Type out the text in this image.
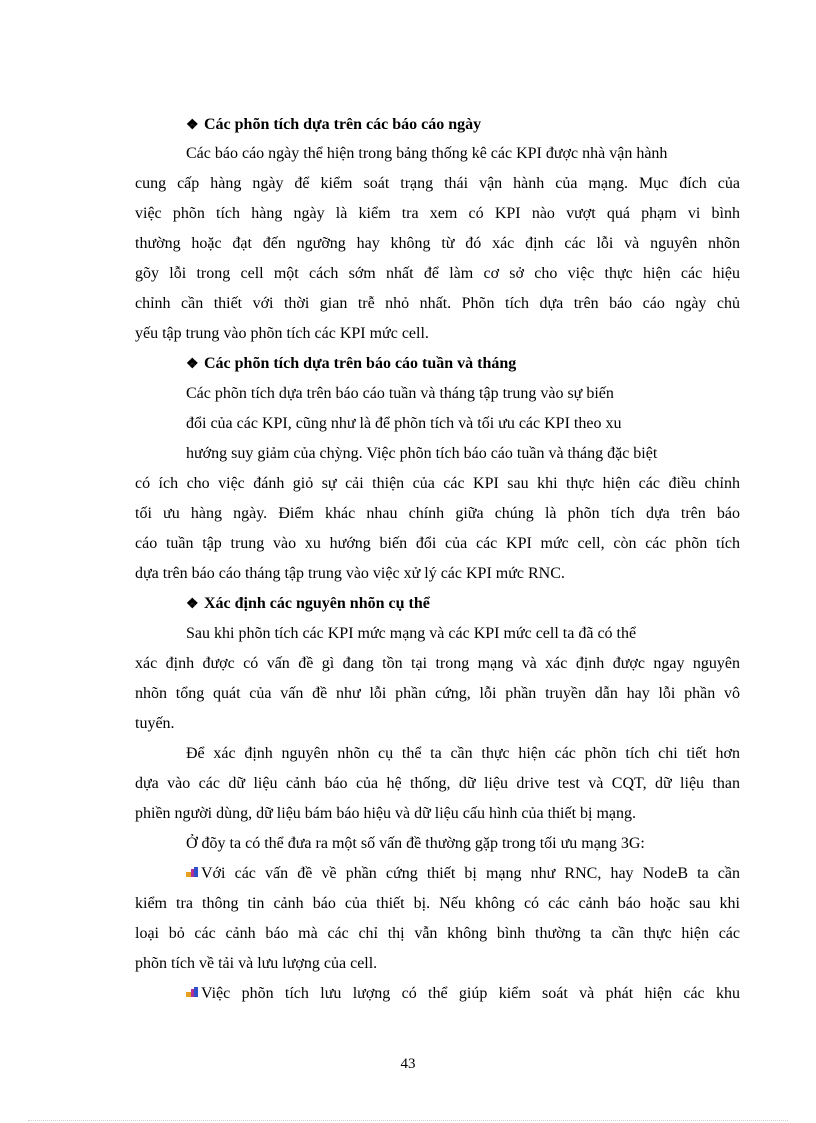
❖ Các phõn tích dựa trên các báo cáo ngày
Các báo cáo ngày thể hiện trong bảng thống kê các KPI được nhà vận hành
cung cấp hàng ngày để kiểm soát trạng thái vận hành của mạng. Mục đích của
việc phõn tích hàng ngày là kiểm tra xem có KPI nào vượt quá phạm vi bình
thường hoặc đạt đến ngưỡng hay không từ đó xác định các lỗi và nguyên nhõn
gõy lỗi trong cell một cách sớm nhất để làm cơ sở cho việc thực hiện các hiệu
chỉnh cần thiết với thời gian trễ nhỏ nhất. Phõn tích dựa trên báo cáo ngày chủ
yếu tập trung vào phõn tích các KPI mức cell.
❖ Các phõn tích dựa trên báo cáo tuần và tháng
Các phõn tích dựa trên báo cáo tuần và tháng tập trung vào sự biến
đổi của các KPI, cũng như là để phõn tích và tối ưu các KPI theo xu
hướng suy giảm của chỳng. Việc phõn tích báo cáo tuần và tháng đặc biệt
có ích cho việc đánh giỏ sự cải thiện của các KPI sau khi thực hiện các điều chỉnh
tối ưu hàng ngày. Điểm khác nhau chính giữa chúng là phõn tích dựa trên báo
cáo tuần tập trung vào xu hướng biến đổi của các KPI mức cell, còn các phõn tích
dựa trên báo cáo tháng tập trung vào việc xử lý các KPI mức RNC.
❖ Xác định các nguyên nhõn cụ thể
Sau khi phõn tích các KPI mức mạng và các KPI mức cell ta đã có thể
xác định được có vấn đề gì đang tồn tại trong mạng và xác định được ngay nguyên
nhõn tổng quát của vấn đề như lỗi phần cứng, lỗi phần truyền dẫn hay lỗi phần vô
tuyến.
Để xác định nguyên nhõn cụ thể ta cần thực hiện các phõn tích chi tiết hơn
dựa vào các dữ liệu cảnh báo của hệ thống, dữ liệu drive test và CQT, dữ liệu than
phiền người dùng, dữ liệu bám báo hiệu và dữ liệu cấu hình của thiết bị mạng.
Ở đõy ta có thể đưa ra một số vấn đề thường gặp trong tối ưu mạng 3G:
Với các vấn đề về phần cứng thiết bị mạng như RNC, hay NodeB ta cần
kiểm tra thông tin cảnh báo của thiết bị. Nếu không có các cảnh báo hoặc sau khi
loại bỏ các cảnh báo mà các chỉ thị vẫn không bình thường ta cần thực hiện các
phõn tích về tải và lưu lượng của cell.
Việc phõn tích lưu lượng có thể giúp kiểm soát và phát hiện các khu
43
